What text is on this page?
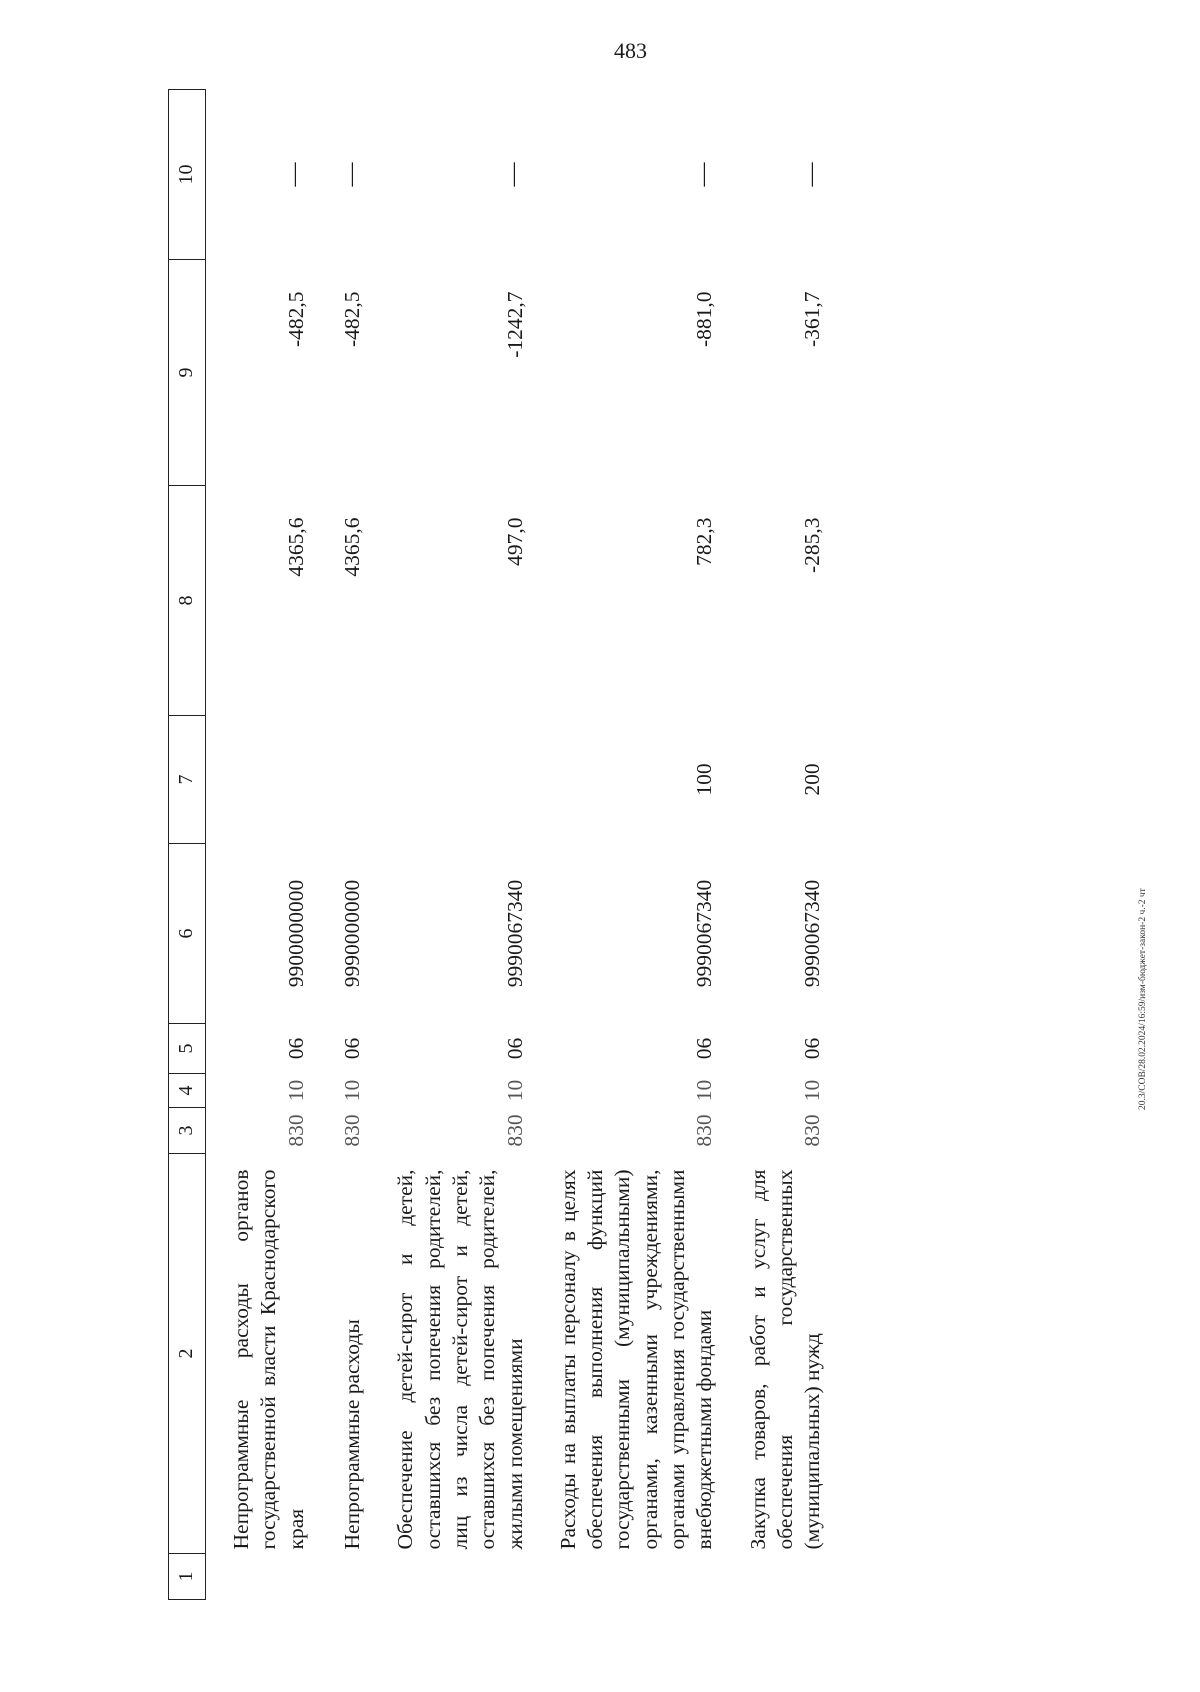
483
20.3/СОВ/28.02.2024/16:59/изм-бюджет-закон-2 ч.-2 чт
1	2	3	4	5	6	7	8	9	10
	Непрограммные расходы органов государственной власти Краснодарского края	830	10	06	9900000000		4365,6	-482,5	—
	Непрограммные расходы	830	10	06	9990000000		4365,6	-482,5	—
	Обеспечение детей-сирот и детей, оставшихся без попечения родителей, лиц из числа детей-сирот и детей, оставшихся без попечения родителей, жилыми помещениями	830	10	06	9990067340		497,0	-1242,7	—
	Расходы на выплаты персоналу в целях обеспечения выполнения функций государственными (муниципальными) органами, казенными учреждениями, органами управления государственными внебюджетными фондами	830	10	06	9990067340	100	782,3	-881,0	—
	Закупка товаров, работ и услуг для обеспечения государственных (муниципальных) нужд	830	10	06	9990067340	200	-285,3	-361,7	—
